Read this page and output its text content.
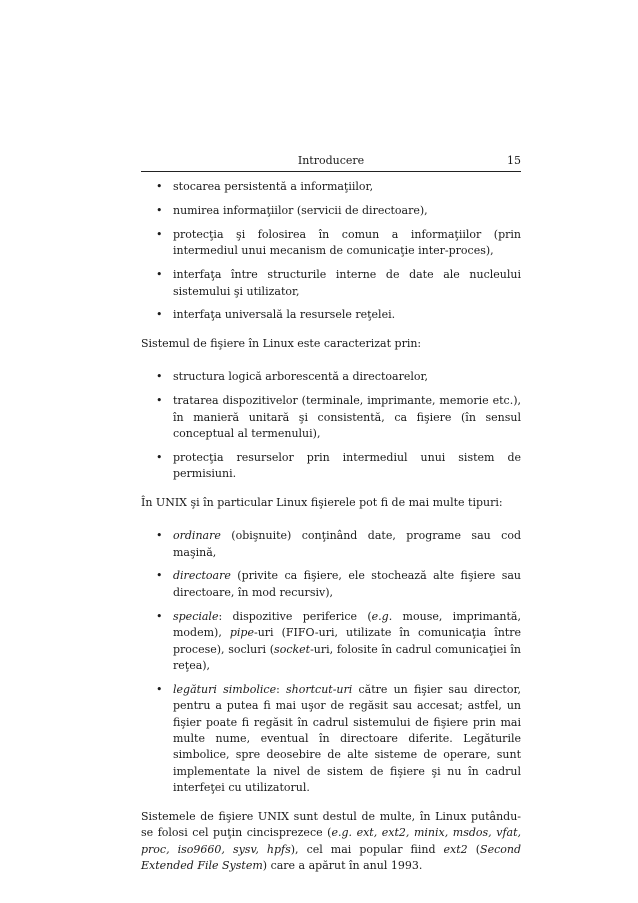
Introducere	15
• stocarea persistentă a informaţiilor,
• numirea informaţiilor (servicii de directoare),
• protecţia şi folosirea în comun a informaţiilor (prin intermediul unui mecanism de comunicaţie inter-proces),
• interfaţa între structurile interne de date ale nucleului sistemului şi utilizator,
• interfaţa universală la resursele reţelei.

Sistemul de fişiere în Linux este caracterizat prin:

• structura logică arborescentă a directoarelor,
• tratarea dispozitivelor (terminale, imprimante, memorie etc.), în manieră unitară şi consistentă, ca fişiere (în sensul conceptual al termenului),
• protecţia resurselor prin intermediul unui sistem de permisiuni.

În UNIX şi în particular Linux fişierele pot fi de mai multe tipuri:

• ordinare (obişnuite) conţinând date, programe sau cod maşină,
• directoare (privite ca fişiere, ele stochează alte fişiere sau directoare, în mod recursiv),
• speciale: dispozitive periferice (e.g. mouse, imprimantă, modem), pipe-uri (FIFO-uri, utilizate în comunicaţia între procese), socluri (socket-uri, folosite în cadrul comunicaţiei în reţea),
• legături simbolice: shortcut-uri către un fişier sau director, pentru a putea fi mai uşor de regăsit sau accesat; astfel, un fişier poate fi regăsit în cadrul sistemului de fişiere prin mai multe nume, eventual în directoare diferite. Legăturile simbolice, spre deosebire de alte sisteme de operare, sunt implementate la nivel de sistem de fişiere şi nu în cadrul interfeţei cu utilizatorul.

Sistemele de fişiere UNIX sunt destul de multe, în Linux putându-se folosi cel puţin cincisprezece (e.g. ext, ext2, minix, msdos, vfat, proc, iso9660, sysv, hpfs), cel mai popular fiind ext2 (Second Extended File System) care a apărut în anul 1993.
